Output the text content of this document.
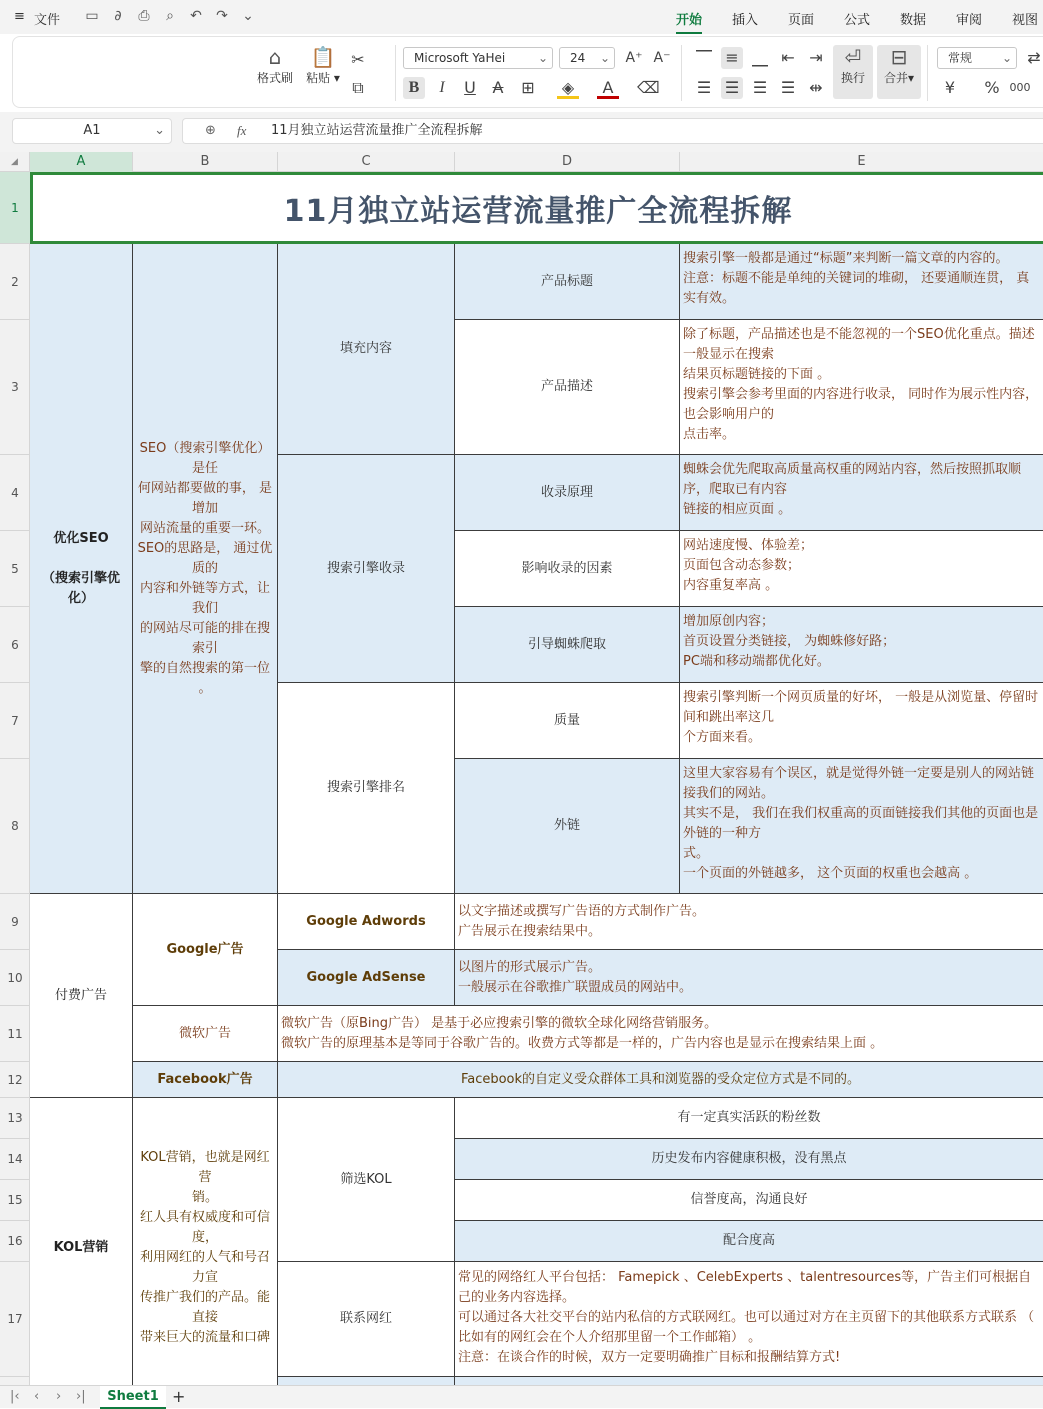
≡ 文件 ▭	∂	⎙	⌕	↶ ↷ ⌄	开始 插入 页面 公式 数据 审阅 视图
⌂
格式刷
📋
粘贴 ▾
✂
⧉
Microsoft YaHei	⌄	24 ⌄ A⁺ A⁻
B	I	U	A	⊞	◈	A	⌫
⎺ ≡ ⎽ ⇤ ⇥
☰ ☰ ☰ ☰ ⇹
⏎
换行
⊟
合并▾
常规 ⌄ ⇄
¥	% 000
A1	⌄	⊕ fx 11月独立站运营流量推广全流程拆解
◢	A	B	C	D	E
1
2
3
4
5
6
7
8
9
10
11
12
13
14
15
16
17
11月独立站运营流量推广全流程拆解
优化SEO

（搜索引擎优化）
SEO（搜索引擎优化）是任
何网站都要做的事， 是增加
网站流量的重要一环。
SEO的思路是， 通过优质的
内容和外链等方式，让我们
的网站尽可能的排在搜索引
擎的自然搜索的第一位 。
填充内容
搜索引擎收录
搜索引擎排名
产品标题
产品描述
收录原理
影响收录的因素
引导蜘蛛爬取
质量
外链
搜索引擎一般都是通过“标题”来判断一篇文章的内容的。
注意：标题不能是单纯的关键词的堆砌， 还要通顺连贯， 真实有效。
除了标题，产品描述也是不能忽视的一个SEO优化重点。描述一般显示在搜索
结果页标题链接的下面 。
搜索引擎会参考里面的内容进行收录， 同时作为展示性内容，也会影响用户的
点击率。
蜘蛛会优先爬取高质量高权重的网站内容，然后按照抓取顺序，爬取已有内容
链接的相应页面 。
网站速度慢、体验差；
页面包含动态参数；
内容重复率高 。
增加原创内容；
首页设置分类链接， 为蜘蛛修好路；
PC端和移动端都优化好。
搜索引擎判断一个网页质量的好坏， 一般是从浏览量、停留时间和跳出率这几
个方面来看。
这里大家容易有个误区，就是觉得外链一定要是别人的网站链接我们的网站。
其实不是， 我们在我们权重高的页面链接我们其他的页面也是外链的一种方
式。
一个页面的外链越多， 这个页面的权重也会越高 。
付费广告
Google广告
Google Adwords
以文字描述或撰写广告语的方式制作广告。
广告展示在搜索结果中。
Google AdSense
以图片的形式展示广告。
一般展示在谷歌推广联盟成员的网站中。
微软广告
微软广告（原Bing广告） 是基于必应搜索引擎的微软全球化网络营销服务。
微软广告的原理基本是等同于谷歌广告的。收费方式等都是一样的，广告内容也是显示在搜索结果上面 。
Facebook广告	Facebook的自定义受众群体工具和浏览器的受众定位方式是不同的。
KOL营销
KOL营销，也就是网红营
销。
红人具有权威度和可信度，
利用网红的人气和号召力宣
传推广我们的产品。能直接
带来巨大的流量和口碑
筛选KOL
有一定真实活跃的粉丝数
历史发布内容健康积极，没有黑点
信誉度高，沟通良好
配合度高
联系网红
常见的网络红人平台包括： Famepick 、CelebExperts 、talentresources等，广告主们可根据自己的业务内容选择。
可以通过各大社交平台的站内私信的方式联网红。也可以通过对方在主页留下的其他联系方式联系 （ 比如有的网红会在个人介绍那里留一个工作邮箱） 。
注意：在谈合作的时候，双方一定要明确推广目标和报酬结算方式!
|‹ ‹ › ›|	Sheet1 +
